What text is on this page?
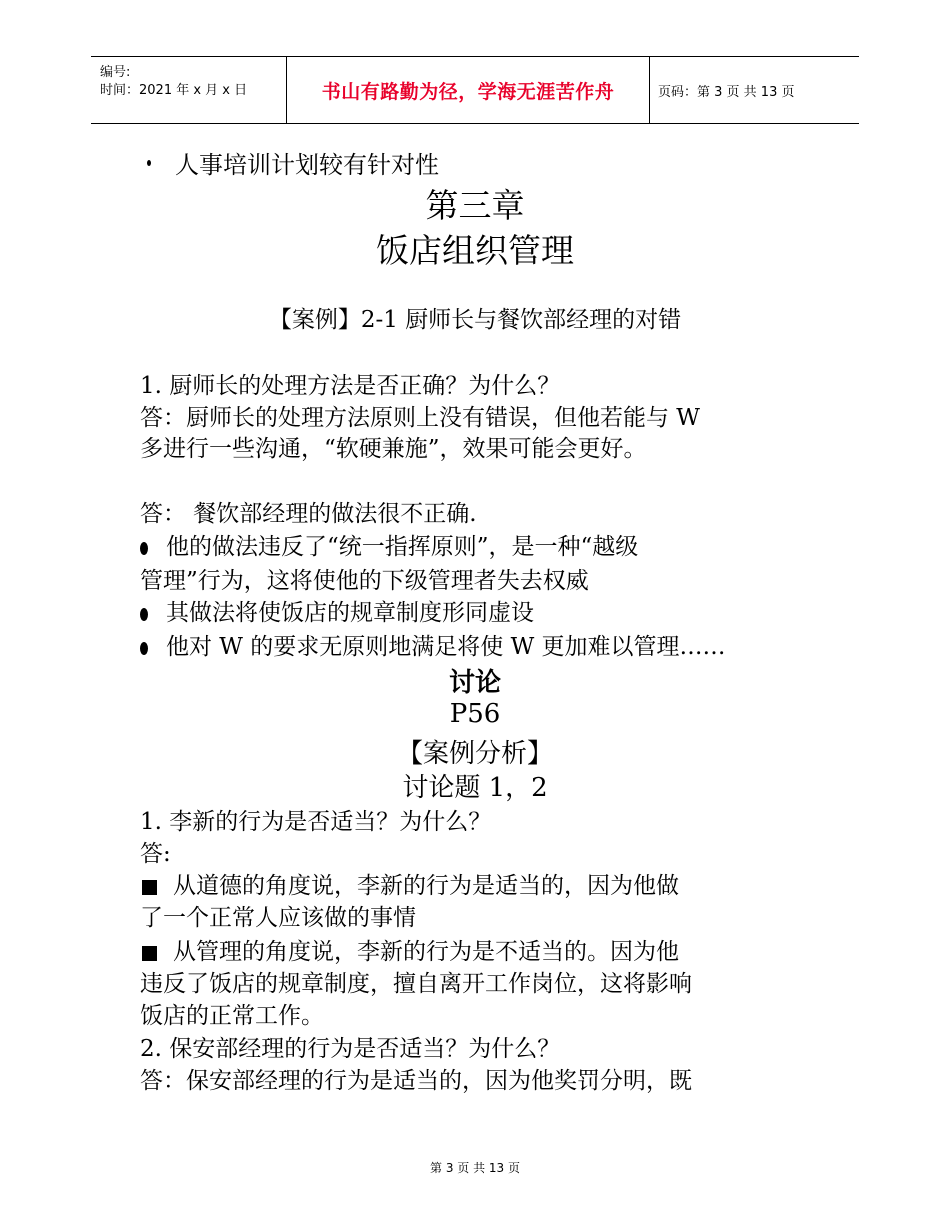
编号:
时间：2021 年 x 月 x 日	书山有路勤为径，学海无涯苦作舟	页码：第 3 页 共 13 页
人事培训计划较有针对性
第三章
饭店组织管理
【案例】2-1 厨师长与餐饮部经理的对错
1. 厨师长的处理方法是否正确？为什么？
答：厨师长的处理方法原则上没有错误，但他若能与 W
多进行一些沟通，“软硬兼施”，效果可能会更好。
答： 餐饮部经理的做法很不正确.
他的做法违反了“统一指挥原则”，是一种“越级
管理”行为，这将使他的下级管理者失去权威
其做法将使饭店的规章制度形同虚设
他对 W 的要求无原则地满足将使 W 更加难以管理……
讨论
P56
【案例分析】
讨论题 1，2
1. 李新的行为是否适当？为什么？
答:
从道德的角度说，李新的行为是适当的，因为他做
了一个正常人应该做的事情
从管理的角度说，李新的行为是不适当的。因为他
违反了饭店的规章制度，擅自离开工作岗位，这将影响
饭店的正常工作。
2. 保安部经理的行为是否适当？为什么？
答：保安部经理的行为是适当的，因为他奖罚分明，既
第 3 页 共 13 页
